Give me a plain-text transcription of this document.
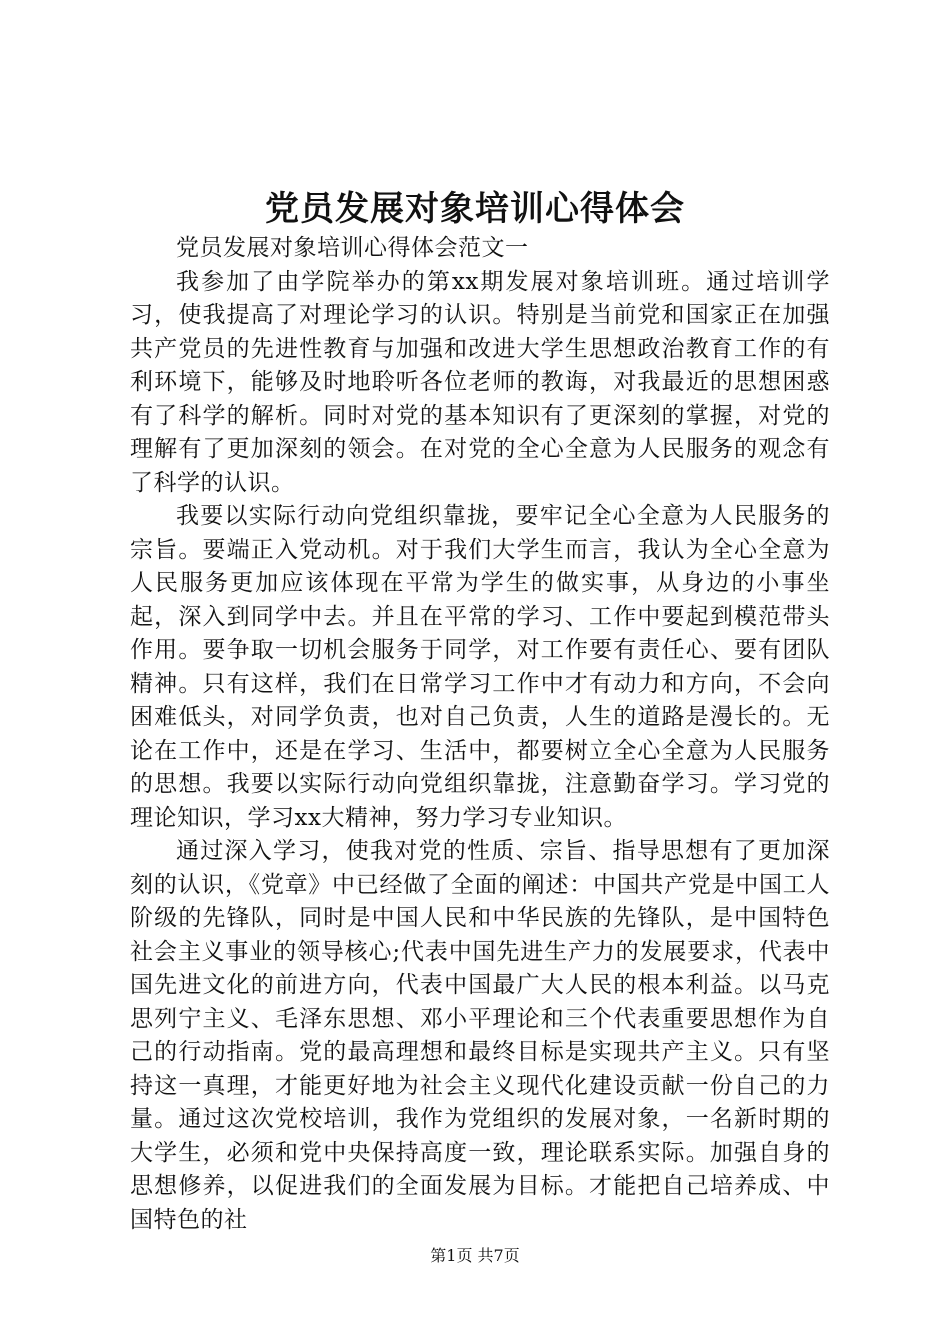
党员发展对象培训心得体会

党员发展对象培训心得体会范文一

我参加了由学院举办的第xx期发展对象培训班。通过培训学习，使我提高了对理论学习的认识。特别是当前党和国家正在加强共产党员的先进性教育与加强和改进大学生思想政治教育工作的有利环境下，能够及时地聆听各位老师的教诲，对我最近的思想困惑有了科学的解析。同时对党的基本知识有了更深刻的掌握，对党的理解有了更加深刻的领会。在对党的全心全意为人民服务的观念有了科学的认识。

我要以实际行动向党组织靠拢，要牢记全心全意为人民服务的宗旨。要端正入党动机。对于我们大学生而言，我认为全心全意为人民服务更加应该体现在平常为学生的做实事，从身边的小事坐起，深入到同学中去。并且在平常的学习、工作中要起到模范带头作用。要争取一切机会服务于同学，对工作要有责任心、要有团队精神。只有这样，我们在日常学习工作中才有动力和方向，不会向困难低头，对同学负责，也对自己负责，人生的道路是漫长的。无论在工作中，还是在学习、生活中，都要树立全心全意为人民服务的思想。我要以实际行动向党组织靠拢，注意勤奋学习。学习党的理论知识，学习xx大精神，努力学习专业知识。

通过深入学习，使我对党的性质、宗旨、指导思想有了更加深刻的认识，《党章》中已经做了全面的阐述：中国共产党是中国工人阶级的先锋队，同时是中国人民和中华民族的先锋队，是中国特色社会主义事业的领导核心;代表中国先进生产力的发展要求，代表中国先进文化的前进方向，代表中国最广大人民的根本利益。以马克思列宁主义、毛泽东思想、邓小平理论和三个代表重要思想作为自己的行动指南。党的最高理想和最终目标是实现共产主义。只有坚持这一真理，才能更好地为社会主义现代化建设贡献一份自己的力量。通过这次党校培训，我作为党组织的发展对象，一名新时期的大学生，必须和党中央保持高度一致，理论联系实际。加强自身的思想修养，以促进我们的全面发展为目标。才能把自己培养成、中国特色的社

第1页 共7页
